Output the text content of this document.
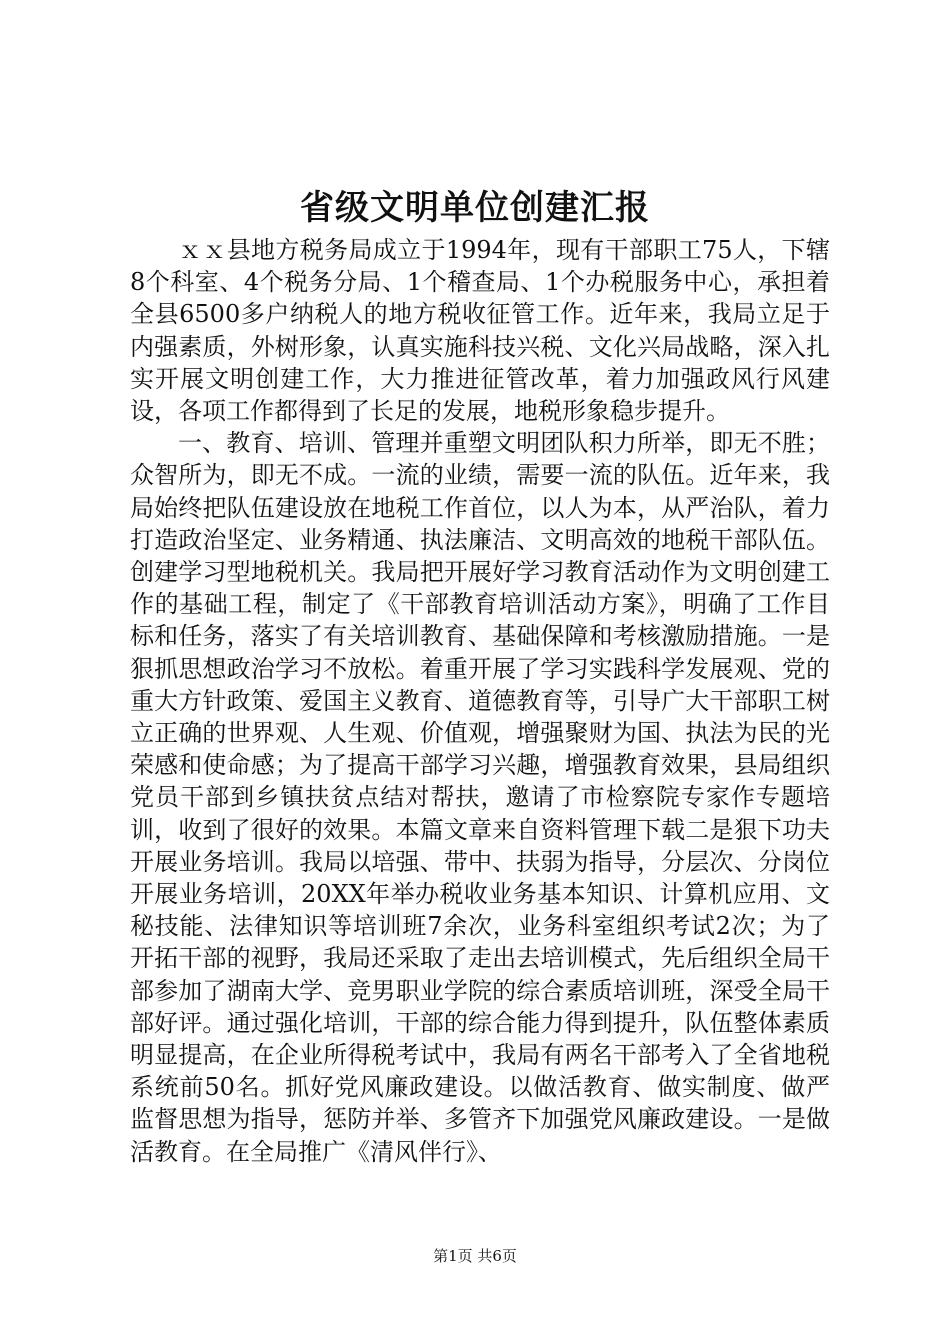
省级文明单位创建汇报

ｘｘ县地方税务局成立于1994年，现有干部职工75人，下辖8个科室、4个税务分局、1个稽查局、1个办税服务中心，承担着全县6500多户纳税人的地方税收征管工作。近年来，我局立足于内强素质，外树形象，认真实施科技兴税、文化兴局战略，深入扎实开展文明创建工作，大力推进征管改革，着力加强政风行风建设，各项工作都得到了长足的发展，地税形象稳步提升。

一、教育、培训、管理并重塑文明团队积力所举，即无不胜；众智所为，即无不成。一流的业绩，需要一流的队伍。近年来，我局始终把队伍建设放在地税工作首位，以人为本，从严治队，着力打造政治坚定、业务精通、执法廉洁、文明高效的地税干部队伍。创建学习型地税机关。我局把开展好学习教育活动作为文明创建工作的基础工程，制定了《干部教育培训活动方案》，明确了工作目标和任务，落实了有关培训教育、基础保障和考核激励措施。一是狠抓思想政治学习不放松。着重开展了学习实践科学发展观、党的重大方针政策、爱国主义教育、道德教育等，引导广大干部职工树立正确的世界观、人生观、价值观，增强聚财为国、执法为民的光荣感和使命感；为了提高干部学习兴趣，增强教育效果，县局组织党员干部到乡镇扶贫点结对帮扶，邀请了市检察院专家作专题培训，收到了很好的效果。本篇文章来自资料管理下载二是狠下功夫开展业务培训。我局以培强、带中、扶弱为指导，分层次、分岗位开展业务培训，20XX年举办税收业务基本知识、计算机应用、文秘技能、法律知识等培训班7余次，业务科室组织考试2次；为了开拓干部的视野，我局还采取了走出去培训模式，先后组织全局干部参加了湖南大学、竞男职业学院的综合素质培训班，深受全局干部好评。通过强化培训，干部的综合能力得到提升，队伍整体素质明显提高，在企业所得税考试中，我局有两名干部考入了全省地税系统前50名。抓好党风廉政建设。以做活教育、做实制度、做严监督思想为指导，惩防并举、多管齐下加强党风廉政建设。一是做活教育。在全局推广《清风伴行》、

第1页 共6页
